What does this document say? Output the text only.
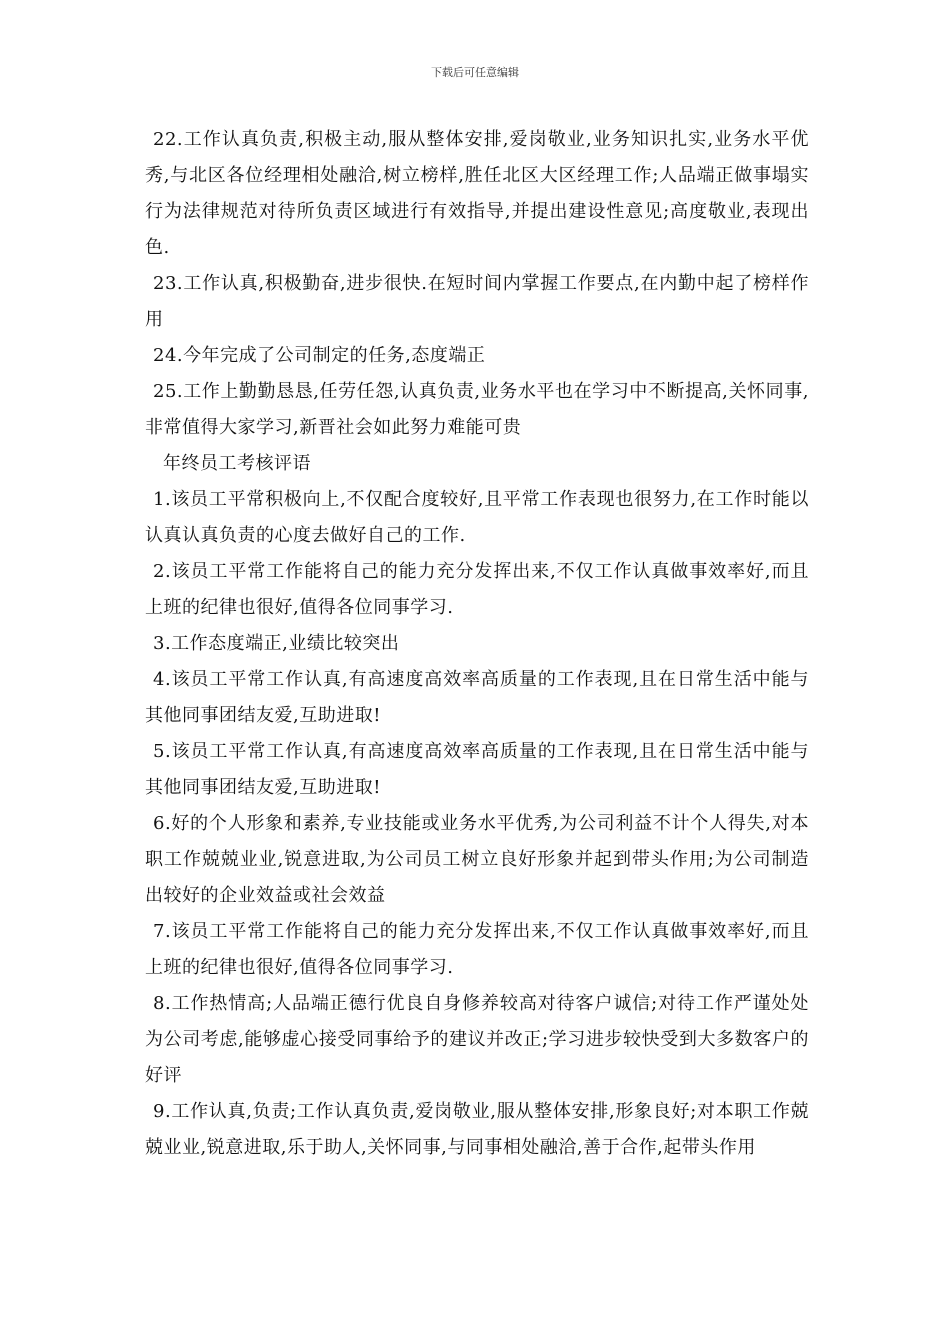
下载后可任意编辑

22.工作认真负责,积极主动,服从整体安排,爱岗敬业,业务知识扎实,业务水平优秀,与北区各位经理相处融洽,树立榜样,胜任北区大区经理工作;人品端正做事塌实行为法律规范对待所负责区域进行有效指导,并提出建设性意见;高度敬业,表现出色.

23.工作认真,积极勤奋,进步很快.在短时间内掌握工作要点,在内勤中起了榜样作用

24.今年完成了公司制定的任务,态度端正

25.工作上勤勤恳恳,任劳任怨,认真负责,业务水平也在学习中不断提高,关怀同事,非常值得大家学习,新晋社会如此努力难能可贵

年终员工考核评语

1.该员工平常积极向上,不仅配合度较好,且平常工作表现也很努力,在工作时能以认真认真负责的心度去做好自己的工作.

2.该员工平常工作能将自己的能力充分发挥出来,不仅工作认真做事效率好,而且上班的纪律也很好,值得各位同事学习.

3.工作态度端正,业绩比较突出

4.该员工平常工作认真,有高速度高效率高质量的工作表现,且在日常生活中能与其他同事团结友爱,互助进取!

5.该员工平常工作认真,有高速度高效率高质量的工作表现,且在日常生活中能与其他同事团结友爱,互助进取!

6.好的个人形象和素养,专业技能或业务水平优秀,为公司利益不计个人得失,对本职工作兢兢业业,锐意进取,为公司员工树立良好形象并起到带头作用;为公司制造出较好的企业效益或社会效益

7.该员工平常工作能将自己的能力充分发挥出来,不仅工作认真做事效率好,而且上班的纪律也很好,值得各位同事学习.

8.工作热情高;人品端正德行优良自身修养较高对待客户诚信;对待工作严谨处处为公司考虑,能够虚心接受同事给予的建议并改正;学习进步较快受到大多数客户的好评

9.工作认真,负责;工作认真负责,爱岗敬业,服从整体安排,形象良好;对本职工作兢兢业业,锐意进取,乐于助人,关怀同事,与同事相处融洽,善于合作,起带头作用
